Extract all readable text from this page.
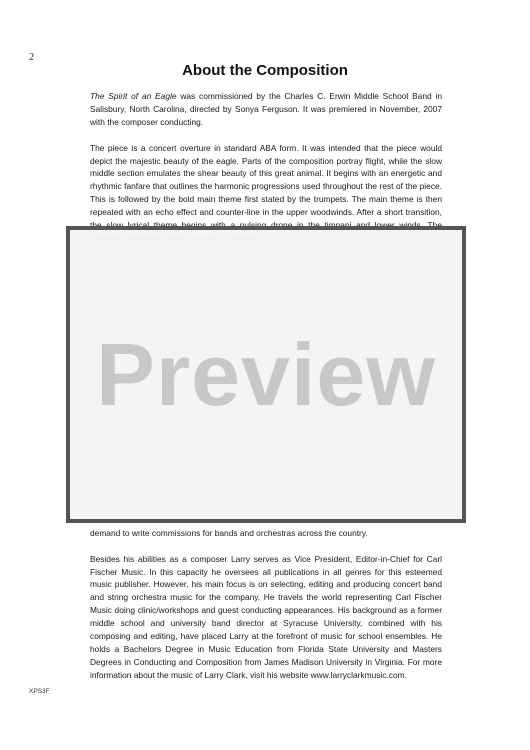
2
About the Composition

The Spirit of an Eagle was commissioned by the Charles C. Erwin Middle School Band in Salisbury, North Carolina, directed by Sonya Ferguson. It was premiered in November, 2007 with the composer conducting.

The piece is a concert overture in standard ABA form. It was intended that the piece would depict the majestic beauty of the eagle. Parts of the composition portray flight, while the slow middle section emulates the shear beauty of this great animal. It begins with an energetic and rhythmic fanfare that outlines the harmonic progressions used throughout the rest of the piece. This is followed by the bold main theme first stated by the trumpets. The main theme is then repeated with an echo effect and counter-line in the upper woodwinds. After a short transition,

demand to write commissions for bands and orchestras across the country.

Besides his abilities as a composer Larry serves as Vice President, Editor-in-Chief for Carl Fischer Music. In this capacity he oversees all publications in all genres for this esteemed music publisher. However, his main focus is on selecting, editing and producing concert band and string orchestra music for the company. He travels the world representing Carl Fischer Music doing clinic/workshops and guest conducting appearances. His background as a former middle school and university band director at Syracuse University, combined with his composing and editing, have placed Larry at the forefront of music for school ensembles. He holds a Bachelors Degree in Music Education from Florida State University and Masters Degrees in Conducting and Composition from James Madison University in Virginia. For more information about the music of Larry Clark, visit his website www.larryclarkmusic.com.

Preview
XPS3F
